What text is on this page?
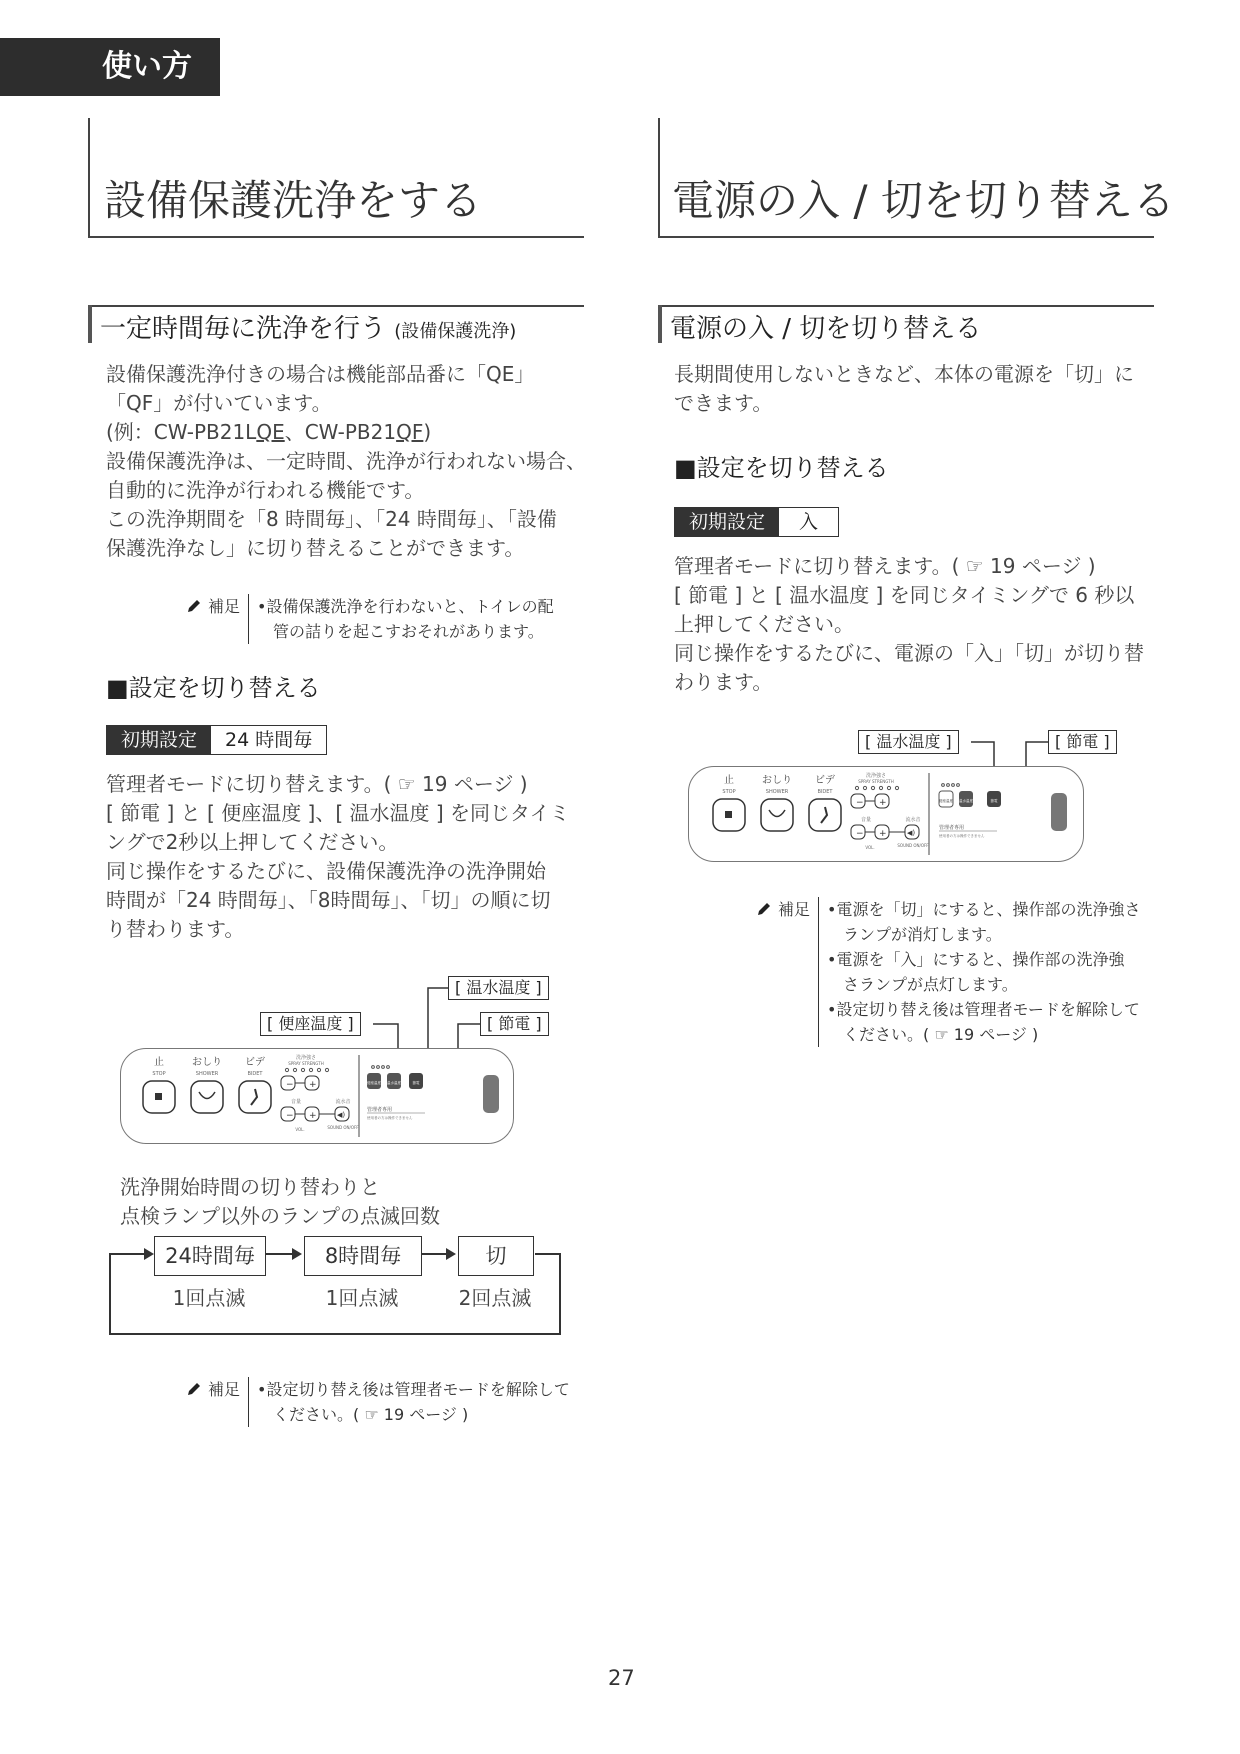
使い方
設備保護洗浄をする
一定時間毎に洗浄を行う (設備保護洗浄)
設備保護洗浄付きの場合は機能部品番に「QE」
「QF」が付いています。
(例：CW-PB21LQE、CW-PB21QF)
設備保護洗浄は、一定時間、洗浄が行われない場合、
自動的に洗浄が行われる機能です。
この洗浄期間を「8 時間毎」、「24 時間毎」、「設備
保護洗浄なし」に切り替えることができます。
補足 •設備保護洗浄を行わないと、トイレの配
　管の詰りを起こすおそれがあります。
■設定を切り替える
初期設定	24 時間毎
管理者モードに切り替えます。( ☞ 19 ページ )
[ 節電 ] と [ 便座温度 ]、[ 温水温度 ] を同じタイミ
ングで2秒以上押してください。
同じ操作をするたびに、設備保護洗浄の洗浄開始
時間が「24 時間毎」、「8時間毎」、「切」の順に切
り替わります。
[ 温水温度 ]
[ 便座温度 ]	[ 節電 ]
止
STOP
おしり
SHOWER
ビデ
BIDET
洗浄強さ
SPRAY STRENGTH
− +
音量	流水音
− +	◀)
VOL.	SOUND ON/OFF
便座温度 温水温度	節電
管理者専用
使用者の方は操作できません
洗浄開始時間の切り替わりと
点検ランプ以外のランプの点滅回数
24時間毎	8時間毎	切
1回点滅	1回点滅	2回点滅
補足 •設定切り替え後は管理者モードを解除して
　ください。( ☞ 19 ページ )
電源の入 / 切を切り替える
電源の入 / 切を切り替える
長期間使用しないときなど、本体の電源を「切」に
できます。
■設定を切り替える
初期設定	入
管理者モードに切り替えます。( ☞ 19 ページ )
[ 節電 ] と [ 温水温度 ] を同じタイミングで 6 秒以
上押してください。
同じ操作をするたびに、電源の「入」「切」が切り替
わります。
[ 温水温度 ]	[ 節電 ]
止
STOP
おしり
SHOWER
ビデ
BIDET
洗浄強さ
SPRAY STRENGTH
− +
音量	流水音
− +	◀)
VOL.	SOUND ON/OFF
便座温度 温水温度	節電
管理者専用
使用者の方は操作できません
補足 •電源を「切」にすると、操作部の洗浄強さ
　ランプが消灯します。
•電源を「入」にすると、操作部の洗浄強
　さランプが点灯します。
•設定切り替え後は管理者モードを解除して
　ください。( ☞ 19 ページ )
27
